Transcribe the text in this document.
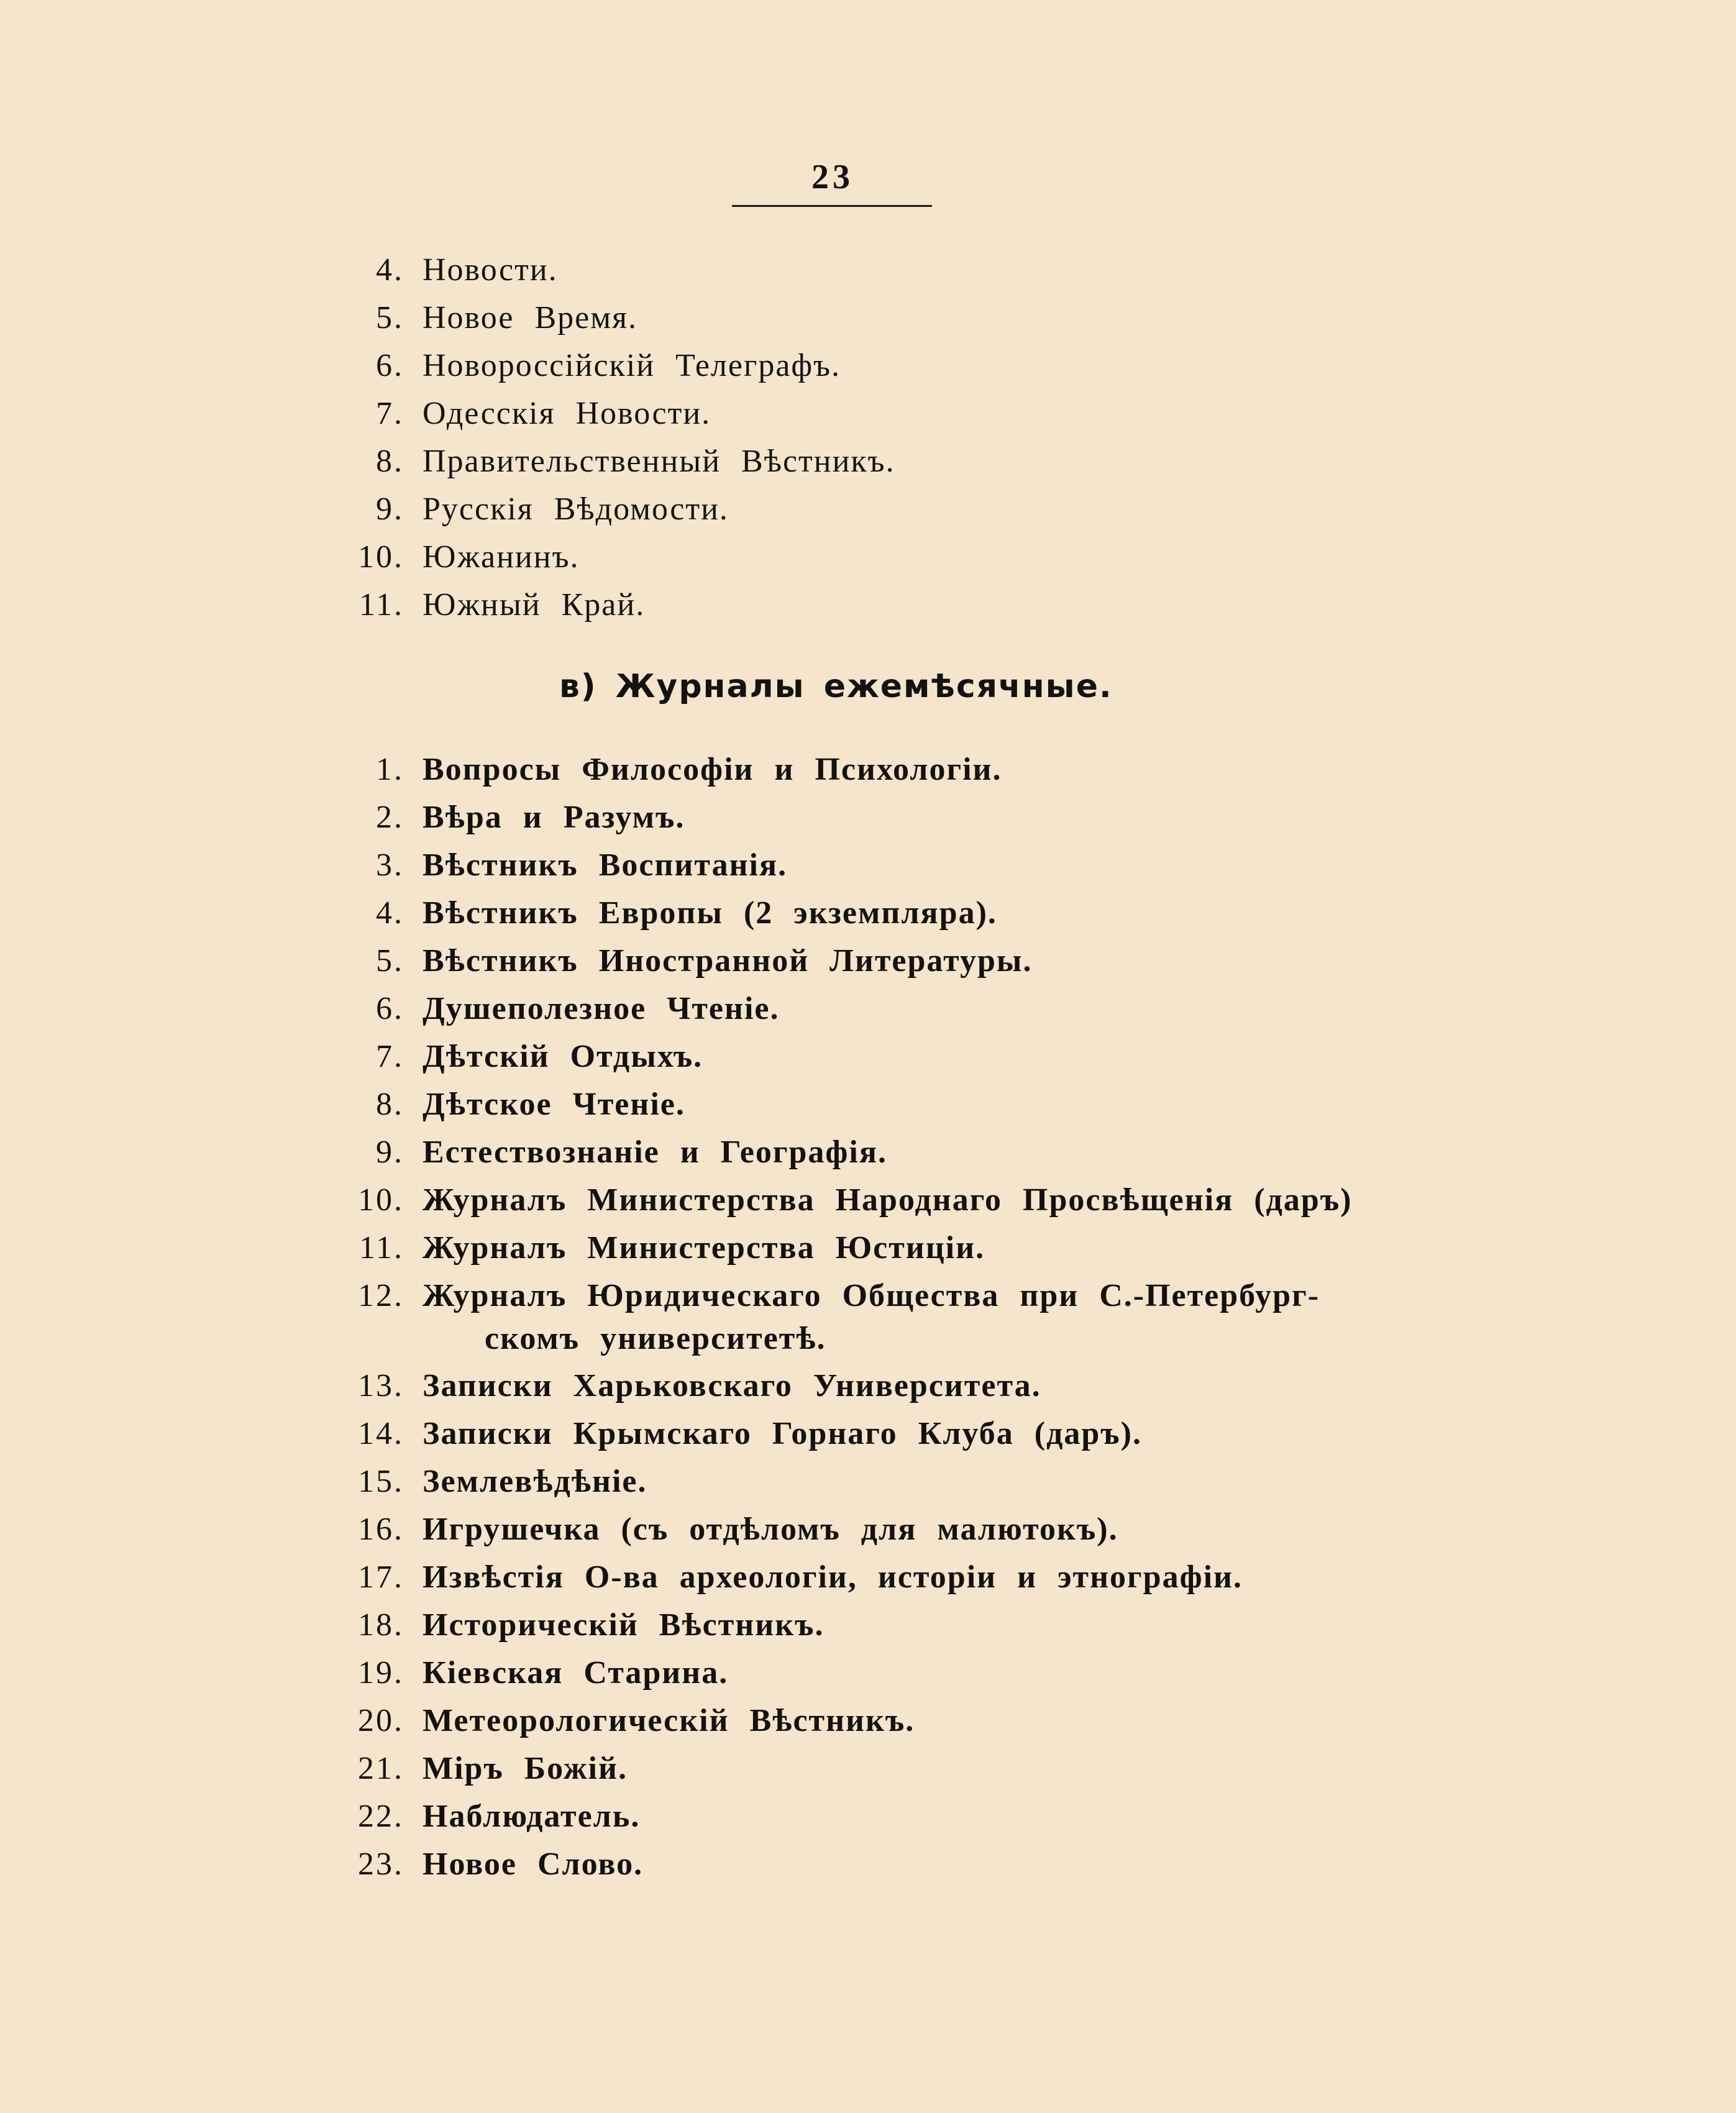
23
4. Новости.
5. Новое Время.
6. Новороссійскій Телеграфъ.
7. Одесскія Новости.
8. Правительственный Вѣстникъ.
9. Русскія Вѣдомости.
10. Южанинъ.
11. Южный Край.
в) Журналы ежемѣсячные.
1. Вопросы Философіи и Психологіи.
2. Вѣра и Разумъ.
3. Вѣстникъ Воспитанія.
4. Вѣстникъ Европы (2 экземпляра).
5. Вѣстникъ Иностранной Литературы.
6. Душеполезное Чтеніе.
7. Дѣтскій Отдыхъ.
8. Дѣтское Чтеніе.
9. Естествознаніе и Географія.
10. Журналъ Министерства Народнаго Просвѣщенія (даръ)
11. Журналъ Министерства Юстиціи.
12. Журналъ Юридическаго Общества при С.-Петербург-
скомъ университетѣ.
13. Записки Харьковскаго Университета.
14. Записки Крымскаго Горнаго Клуба (даръ).
15. Землевѣдѣніе.
16. Игрушечка (съ отдѣломъ для малютокъ).
17. Извѣстія О-ва археологіи, исторіи и этнографіи.
18. Историческій Вѣстникъ.
19. Кіевская Старина.
20. Метеорологическій Вѣстникъ.
21. Міръ Божій.
22. Наблюдатель.
23. Новое Слово.
